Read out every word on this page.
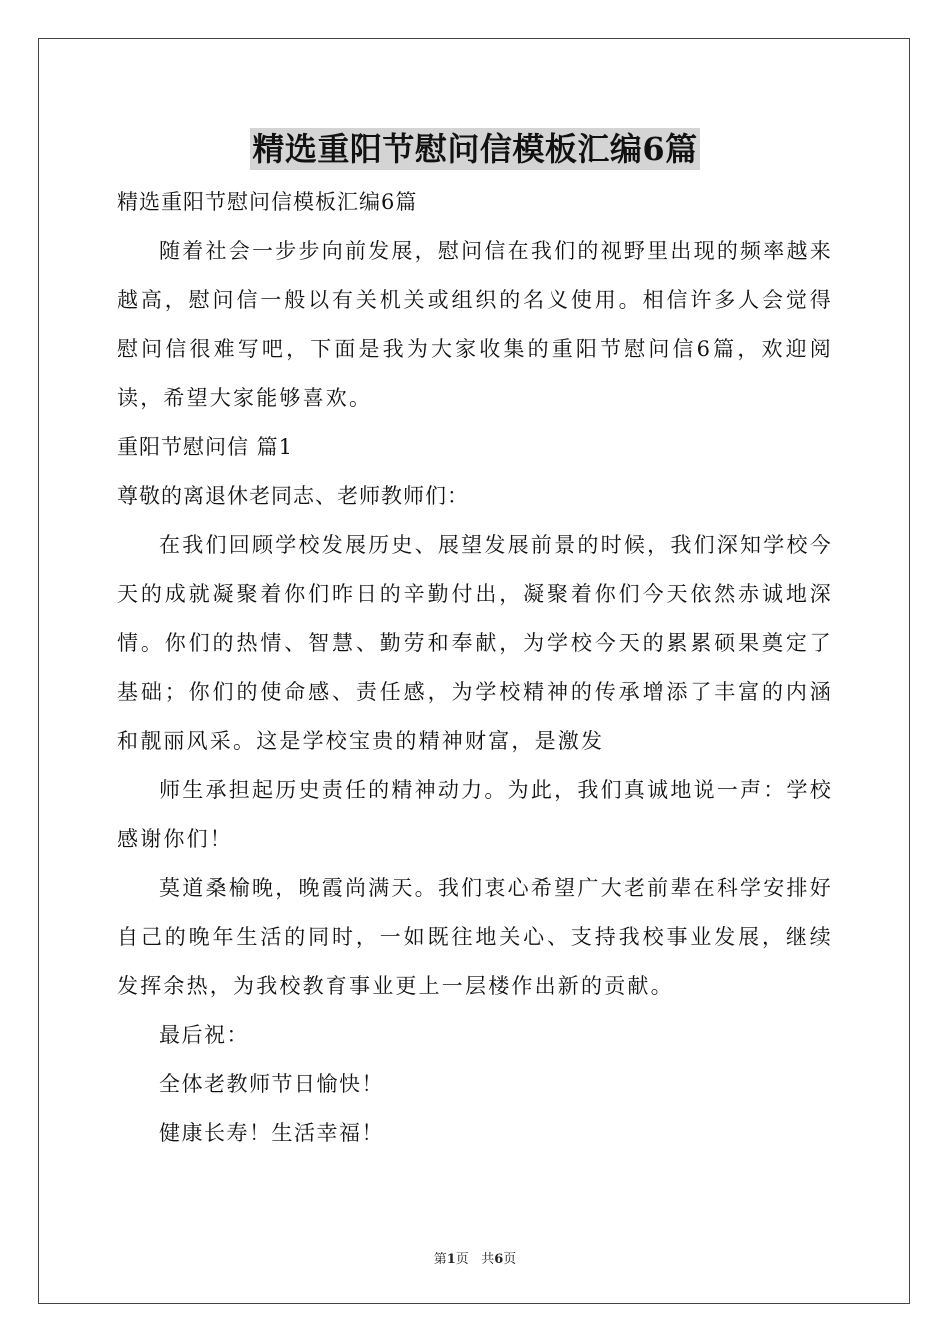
精选重阳节慰问信模板汇编6篇

精选重阳节慰问信模板汇编6篇

随着社会一步步向前发展，慰问信在我们的视野里出现的频率越来越高，慰问信一般以有关机关或组织的名义使用。相信许多人会觉得慰问信很难写吧，下面是我为大家收集的重阳节慰问信6篇，欢迎阅读，希望大家能够喜欢。

重阳节慰问信 篇1

尊敬的离退休老同志、老师教师们：

在我们回顾学校发展历史、展望发展前景的时候，我们深知学校今天的成就凝聚着你们昨日的辛勤付出，凝聚着你们今天依然赤诚地深情。你们的热情、智慧、勤劳和奉献，为学校今天的累累硕果奠定了基础；你们的使命感、责任感，为学校精神的传承增添了丰富的内涵和靓丽风采。这是学校宝贵的精神财富，是激发

师生承担起历史责任的精神动力。为此，我们真诚地说一声：学校感谢你们！

莫道桑榆晚，晚霞尚满天。我们衷心希望广大老前辈在科学安排好自己的晚年生活的同时，一如既往地关心、支持我校事业发展，继续发挥余热，为我校教育事业更上一层楼作出新的贡献。

最后祝：

全体老教师节日愉快！

健康长寿！生活幸福！

第1页   共6页
